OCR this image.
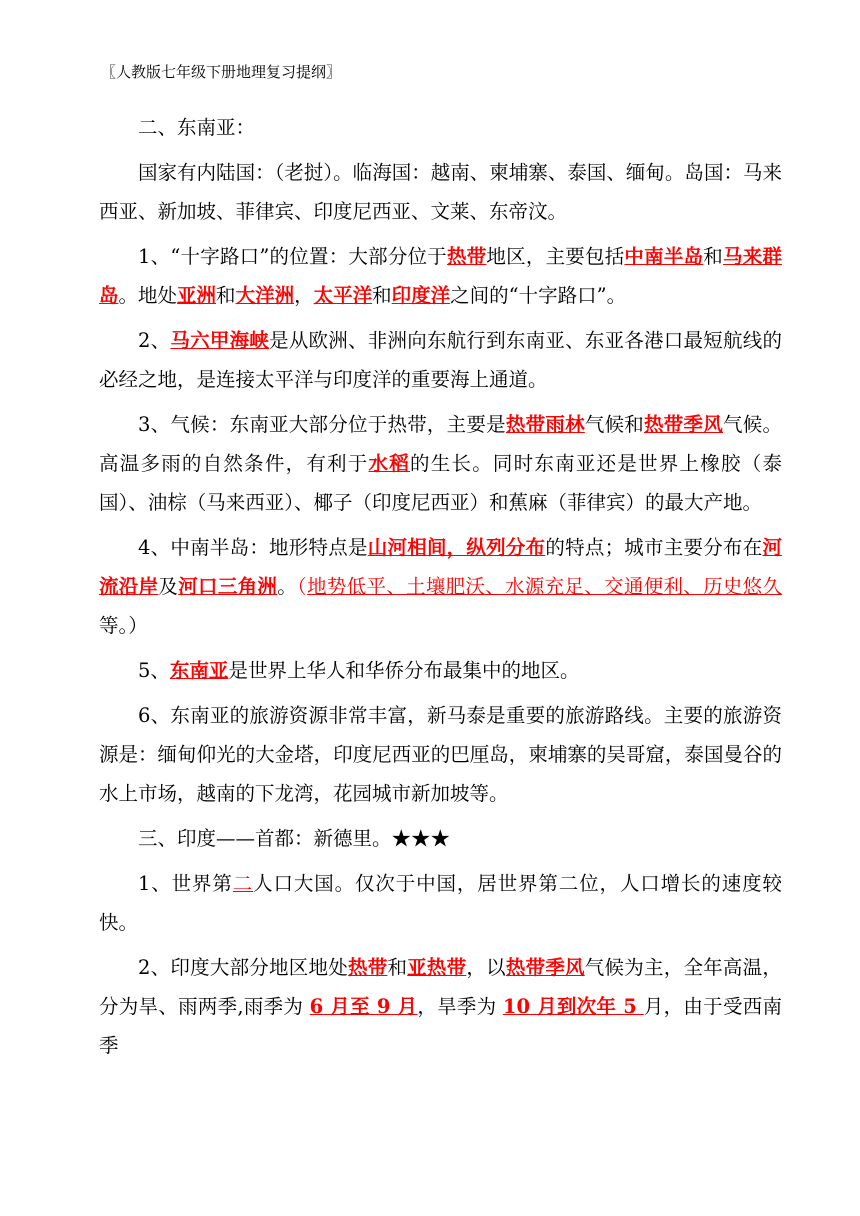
〖人教版七年级下册地理复习提纲〗

二、东南亚：

国家有内陆国：（老挝）。临海国：越南、柬埔寨、泰国、缅甸。岛国：马来西亚、新加坡、菲律宾、印度尼西亚、文莱、东帝汶。

1、“十字路口”的位置：大部分位于热带地区，主要包括中南半岛和马来群岛。地处亚洲和大洋洲，太平洋和印度洋之间的“十字路口”。

2、马六甲海峡是从欧洲、非洲向东航行到东南亚、东亚各港口最短航线的必经之地，是连接太平洋与印度洋的重要海上通道。

3、气候：东南亚大部分位于热带，主要是热带雨林气候和热带季风气候。高温多雨的自然条件，有利于水稻的生长。同时东南亚还是世界上橡胶（泰国）、油棕（马来西亚）、椰子（印度尼西亚）和蕉麻（菲律宾）的最大产地。

4、中南半岛：地形特点是山河相间，纵列分布的特点；城市主要分布在河流沿岸及河口三角洲。（地势低平、土壤肥沃、水源充足、交通便利、历史悠久等。）

5、东南亚是世界上华人和华侨分布最集中的地区。

6、东南亚的旅游资源非常丰富，新马泰是重要的旅游路线。主要的旅游资源是：缅甸仰光的大金塔，印度尼西亚的巴厘岛，柬埔寨的吴哥窟，泰国曼谷的水上市场，越南的下龙湾，花园城市新加坡等。

三、印度——首都：新德里。★★★

1、世界第二人口大国。仅次于中国，居世界第二位，人口增长的速度较快。

2、印度大部分地区地处热带和亚热带，以热带季风气候为主，全年高温，分为旱、雨两季,雨季为 6 月至 9 月，旱季为 10 月到次年 5 月，由于受西南季
